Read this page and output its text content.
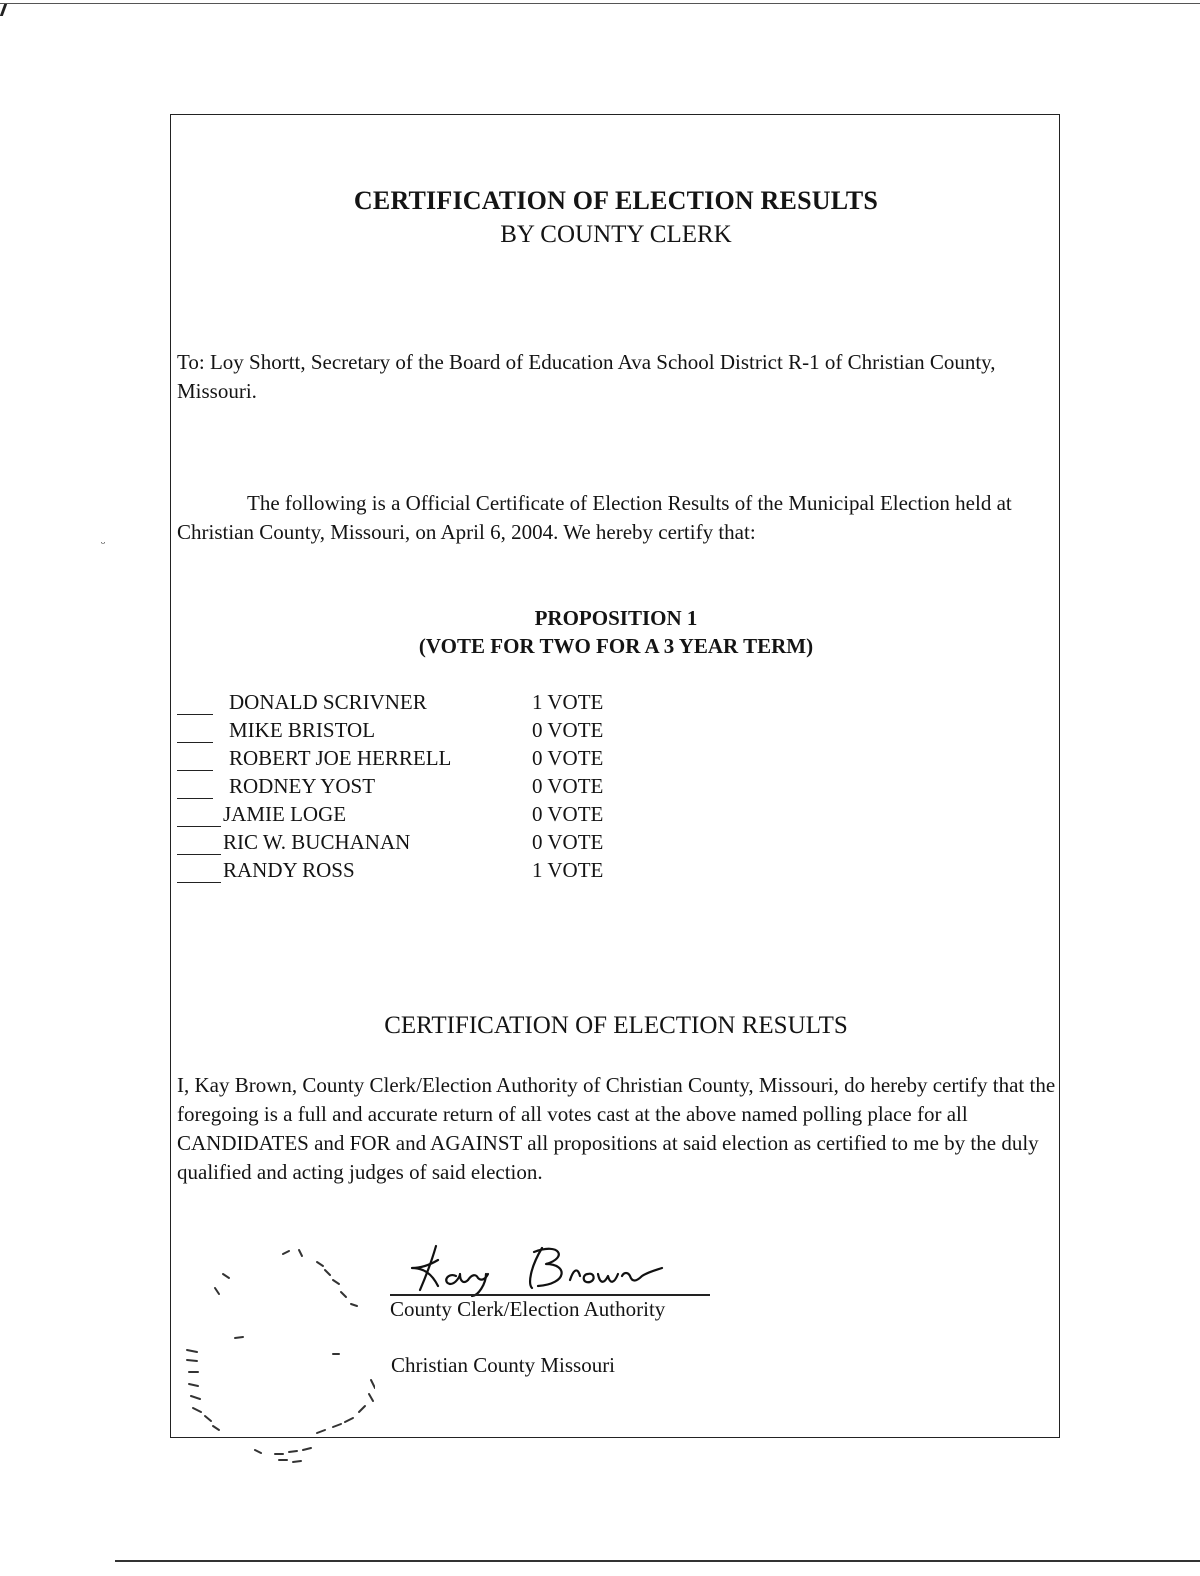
ᵕ
CERTIFICATION OF ELECTION RESULTS
BY COUNTY CLERK

To: Loy Shortt, Secretary of the Board of Education Ava School District R-1 of Christian County, Missouri.

The following is a Official Certificate of Election Results of the Municipal Election held at Christian County, Missouri, on April 6, 2004. We hereby certify that:

PROPOSITION 1
(VOTE FOR TWO FOR A 3 YEAR TERM)
DONALD SCRIVNER	1 VOTE
MIKE BRISTOL	0 VOTE
ROBERT JOE HERRELL	0 VOTE
RODNEY YOST	0 VOTE
JAMIE LOGE	0 VOTE
RIC W. BUCHANAN	0 VOTE
RANDY ROSS	1 VOTE
CERTIFICATION OF ELECTION RESULTS

I, Kay Brown, County Clerk/Election Authority of Christian County, Missouri, do hereby certify that the foregoing is a full and accurate return of all votes cast at the above named polling place for all CANDIDATES and FOR and AGAINST all propositions at said election as certified to me by the duly qualified and acting judges of said election.

County Clerk/Election Authority
Christian County Missouri
